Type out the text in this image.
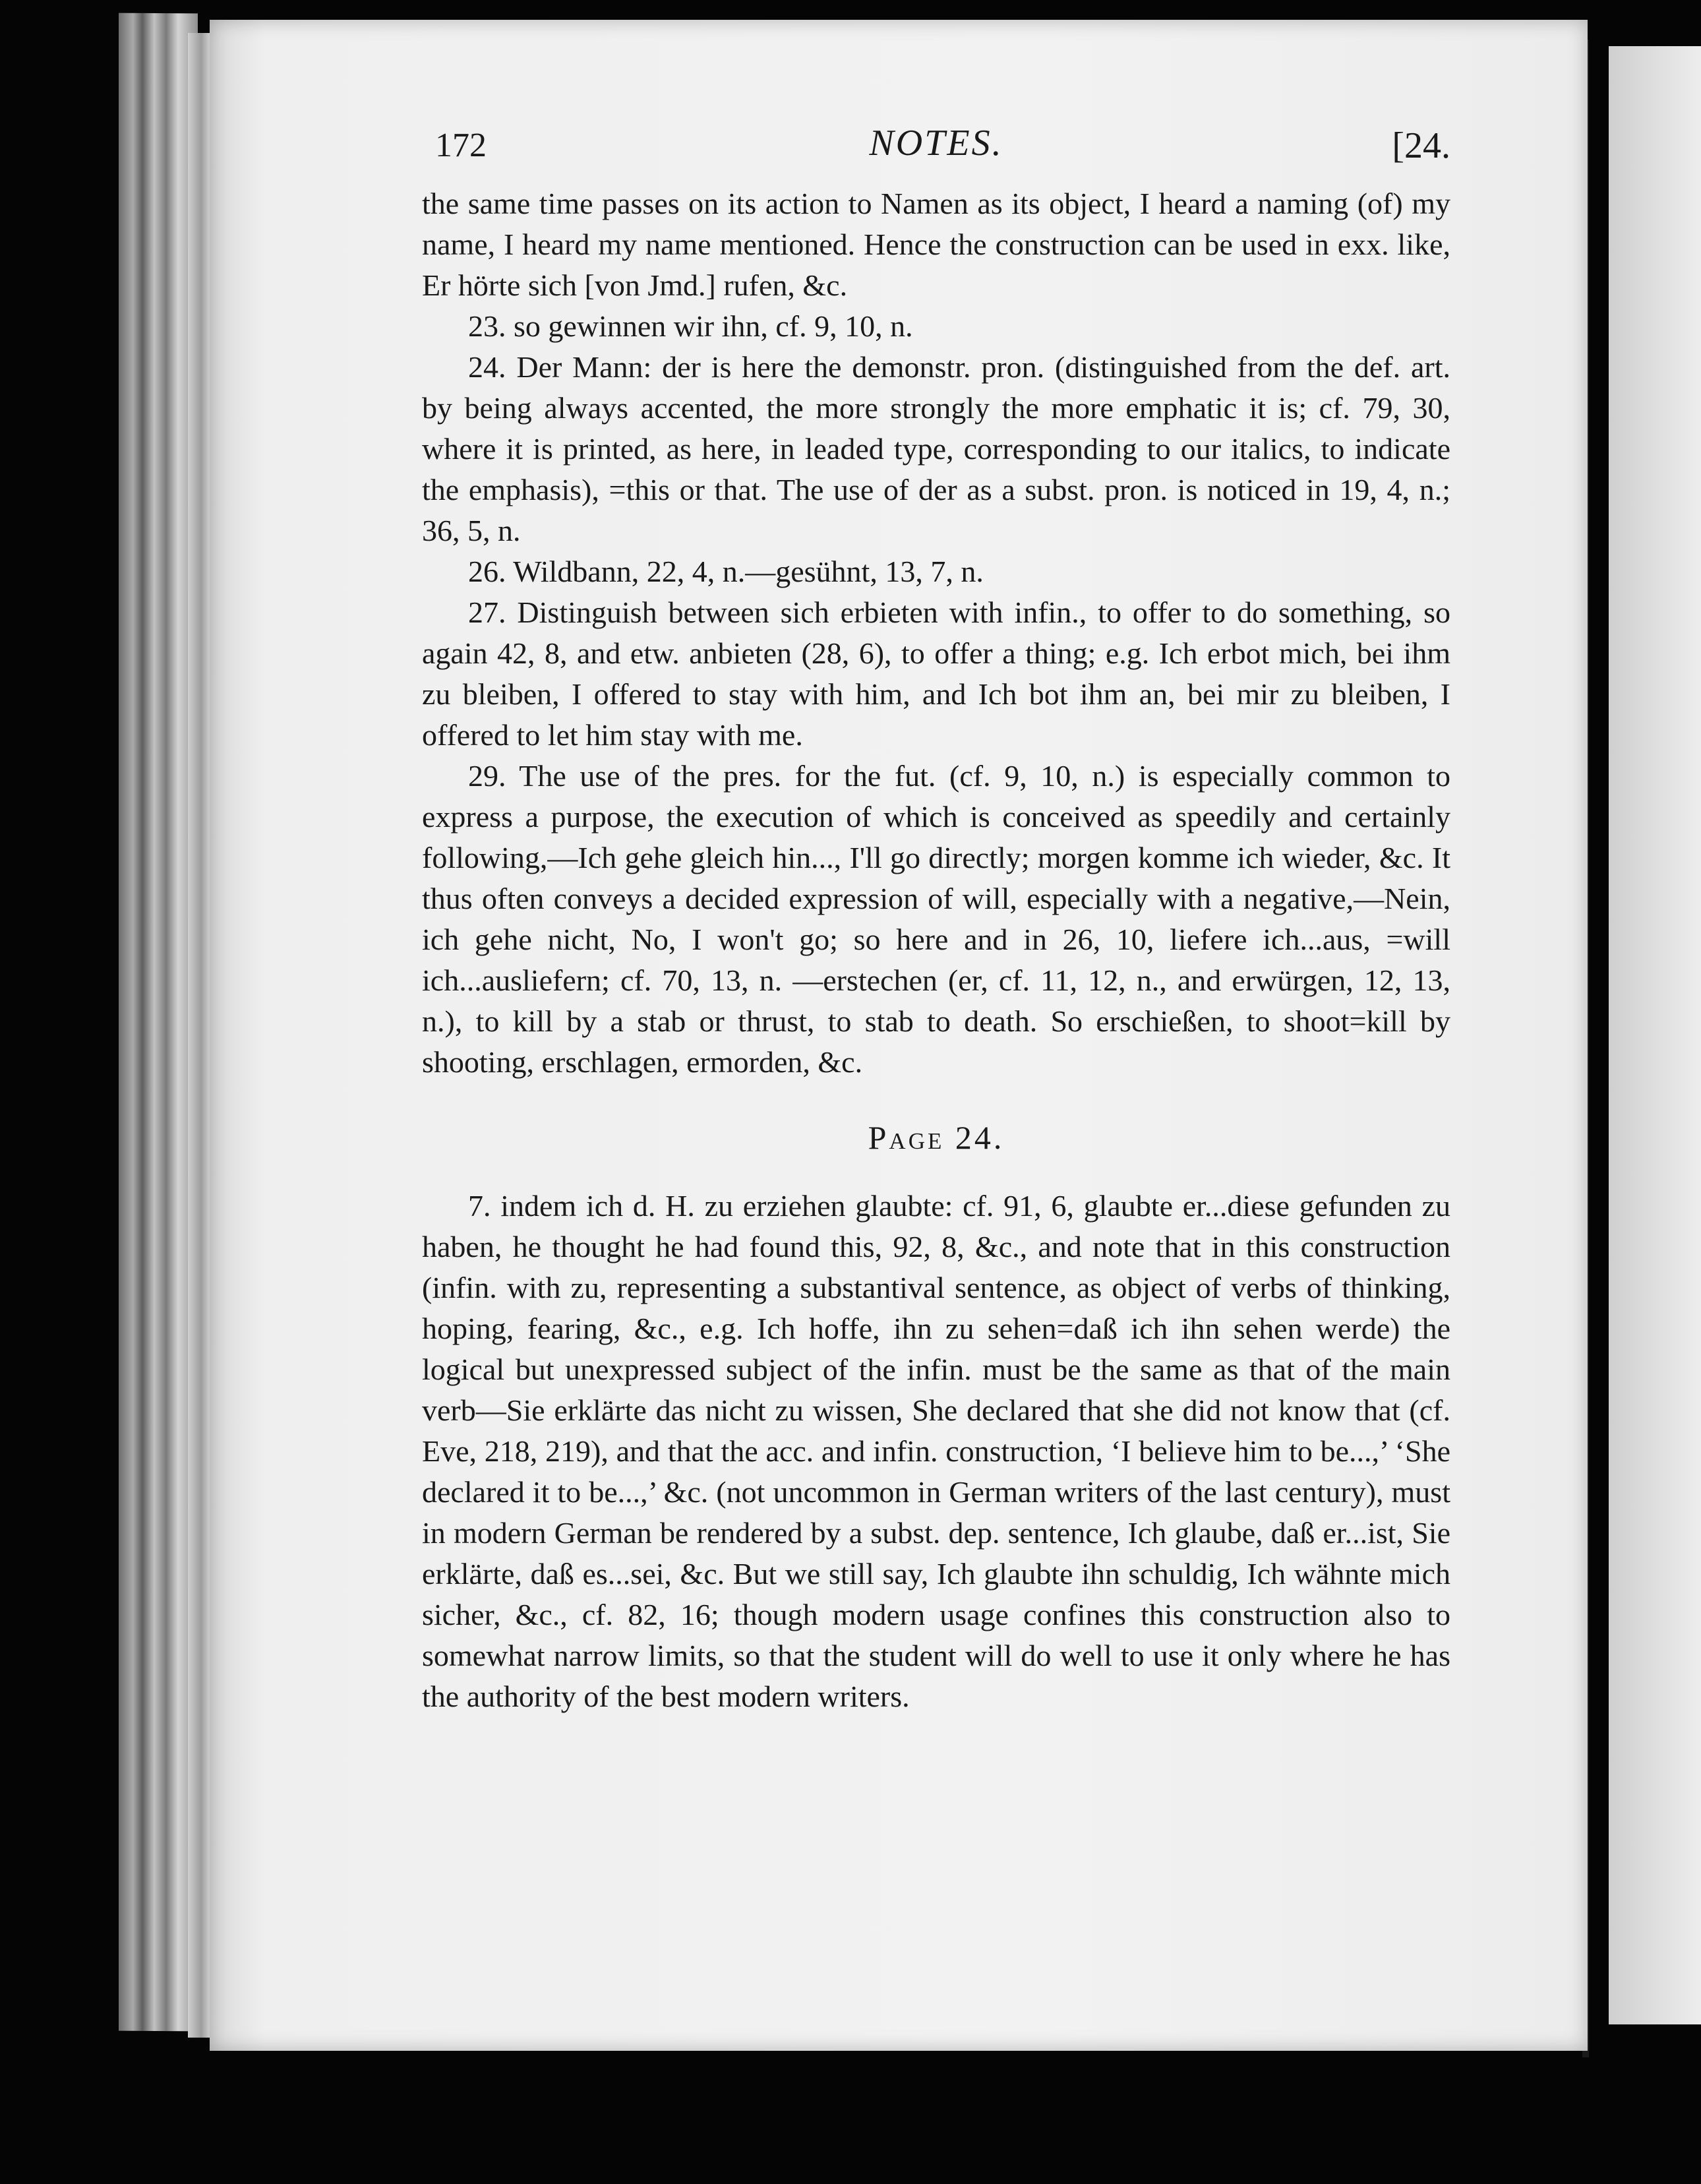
172	NOTES.	[24.

the same time passes on its action to Namen as its object, I heard a naming (of) my name, I heard my name mentioned. Hence the construction can be used in exx. like, Er hörte sich [von Jmd.] rufen, &c.

23. so gewinnen wir ihn, cf. 9, 10, n.

24. Der Mann: der is here the demonstr. pron. (distinguished from the def. art. by being always accented, the more strongly the more emphatic it is; cf. 79, 30, where it is printed, as here, in leaded type, corresponding to our italics, to indicate the emphasis), =this or that. The use of der as a subst. pron. is noticed in 19, 4, n.; 36, 5, n.

26. Wildbann, 22, 4, n.—gesühnt, 13, 7, n.

27. Distinguish between sich erbieten with infin., to offer to do something, so again 42, 8, and etw. anbieten (28, 6), to offer a thing; e.g. Ich erbot mich, bei ihm zu bleiben, I offered to stay with him, and Ich bot ihm an, bei mir zu bleiben, I offered to let him stay with me.

29. The use of the pres. for the fut. (cf. 9, 10, n.) is especially common to express a purpose, the execution of which is conceived as speedily and certainly following,—Ich gehe gleich hin..., I'll go directly; morgen komme ich wieder, &c. It thus often conveys a decided expression of will, especially with a negative,—Nein, ich gehe nicht, No, I won't go; so here and in 26, 10, liefere ich...aus, =will ich...ausliefern; cf. 70, 13, n. —erstechen (er, cf. 11, 12, n., and erwürgen, 12, 13, n.), to kill by a stab or thrust, to stab to death. So erschießen, to shoot=kill by shooting, erschlagen, ermorden, &c.

Page 24.

7. indem ich d. H. zu erziehen glaubte: cf. 91, 6, glaubte er...diese gefunden zu haben, he thought he had found this, 92, 8, &c., and note that in this construction (infin. with zu, representing a substantival sentence, as object of verbs of thinking, hoping, fearing, &c., e.g. Ich hoffe, ihn zu sehen=daß ich ihn sehen werde) the logical but unexpressed subject of the infin. must be the same as that of the main verb—Sie erklärte das nicht zu wissen, She declared that she did not know that (cf. Eve, 218, 219), and that the acc. and infin. construction, ‘I believe him to be...,’ ‘She declared it to be...,’ &c. (not uncommon in German writers of the last century), must in modern German be rendered by a subst. dep. sentence, Ich glaube, daß er...ist, Sie erklärte, daß es...sei, &c. But we still say, Ich glaubte ihn schuldig, Ich wähnte mich sicher, &c., cf. 82, 16; though modern usage confines this construction also to somewhat narrow limits, so that the student will do well to use it only where he has the authority of the best modern writers.
